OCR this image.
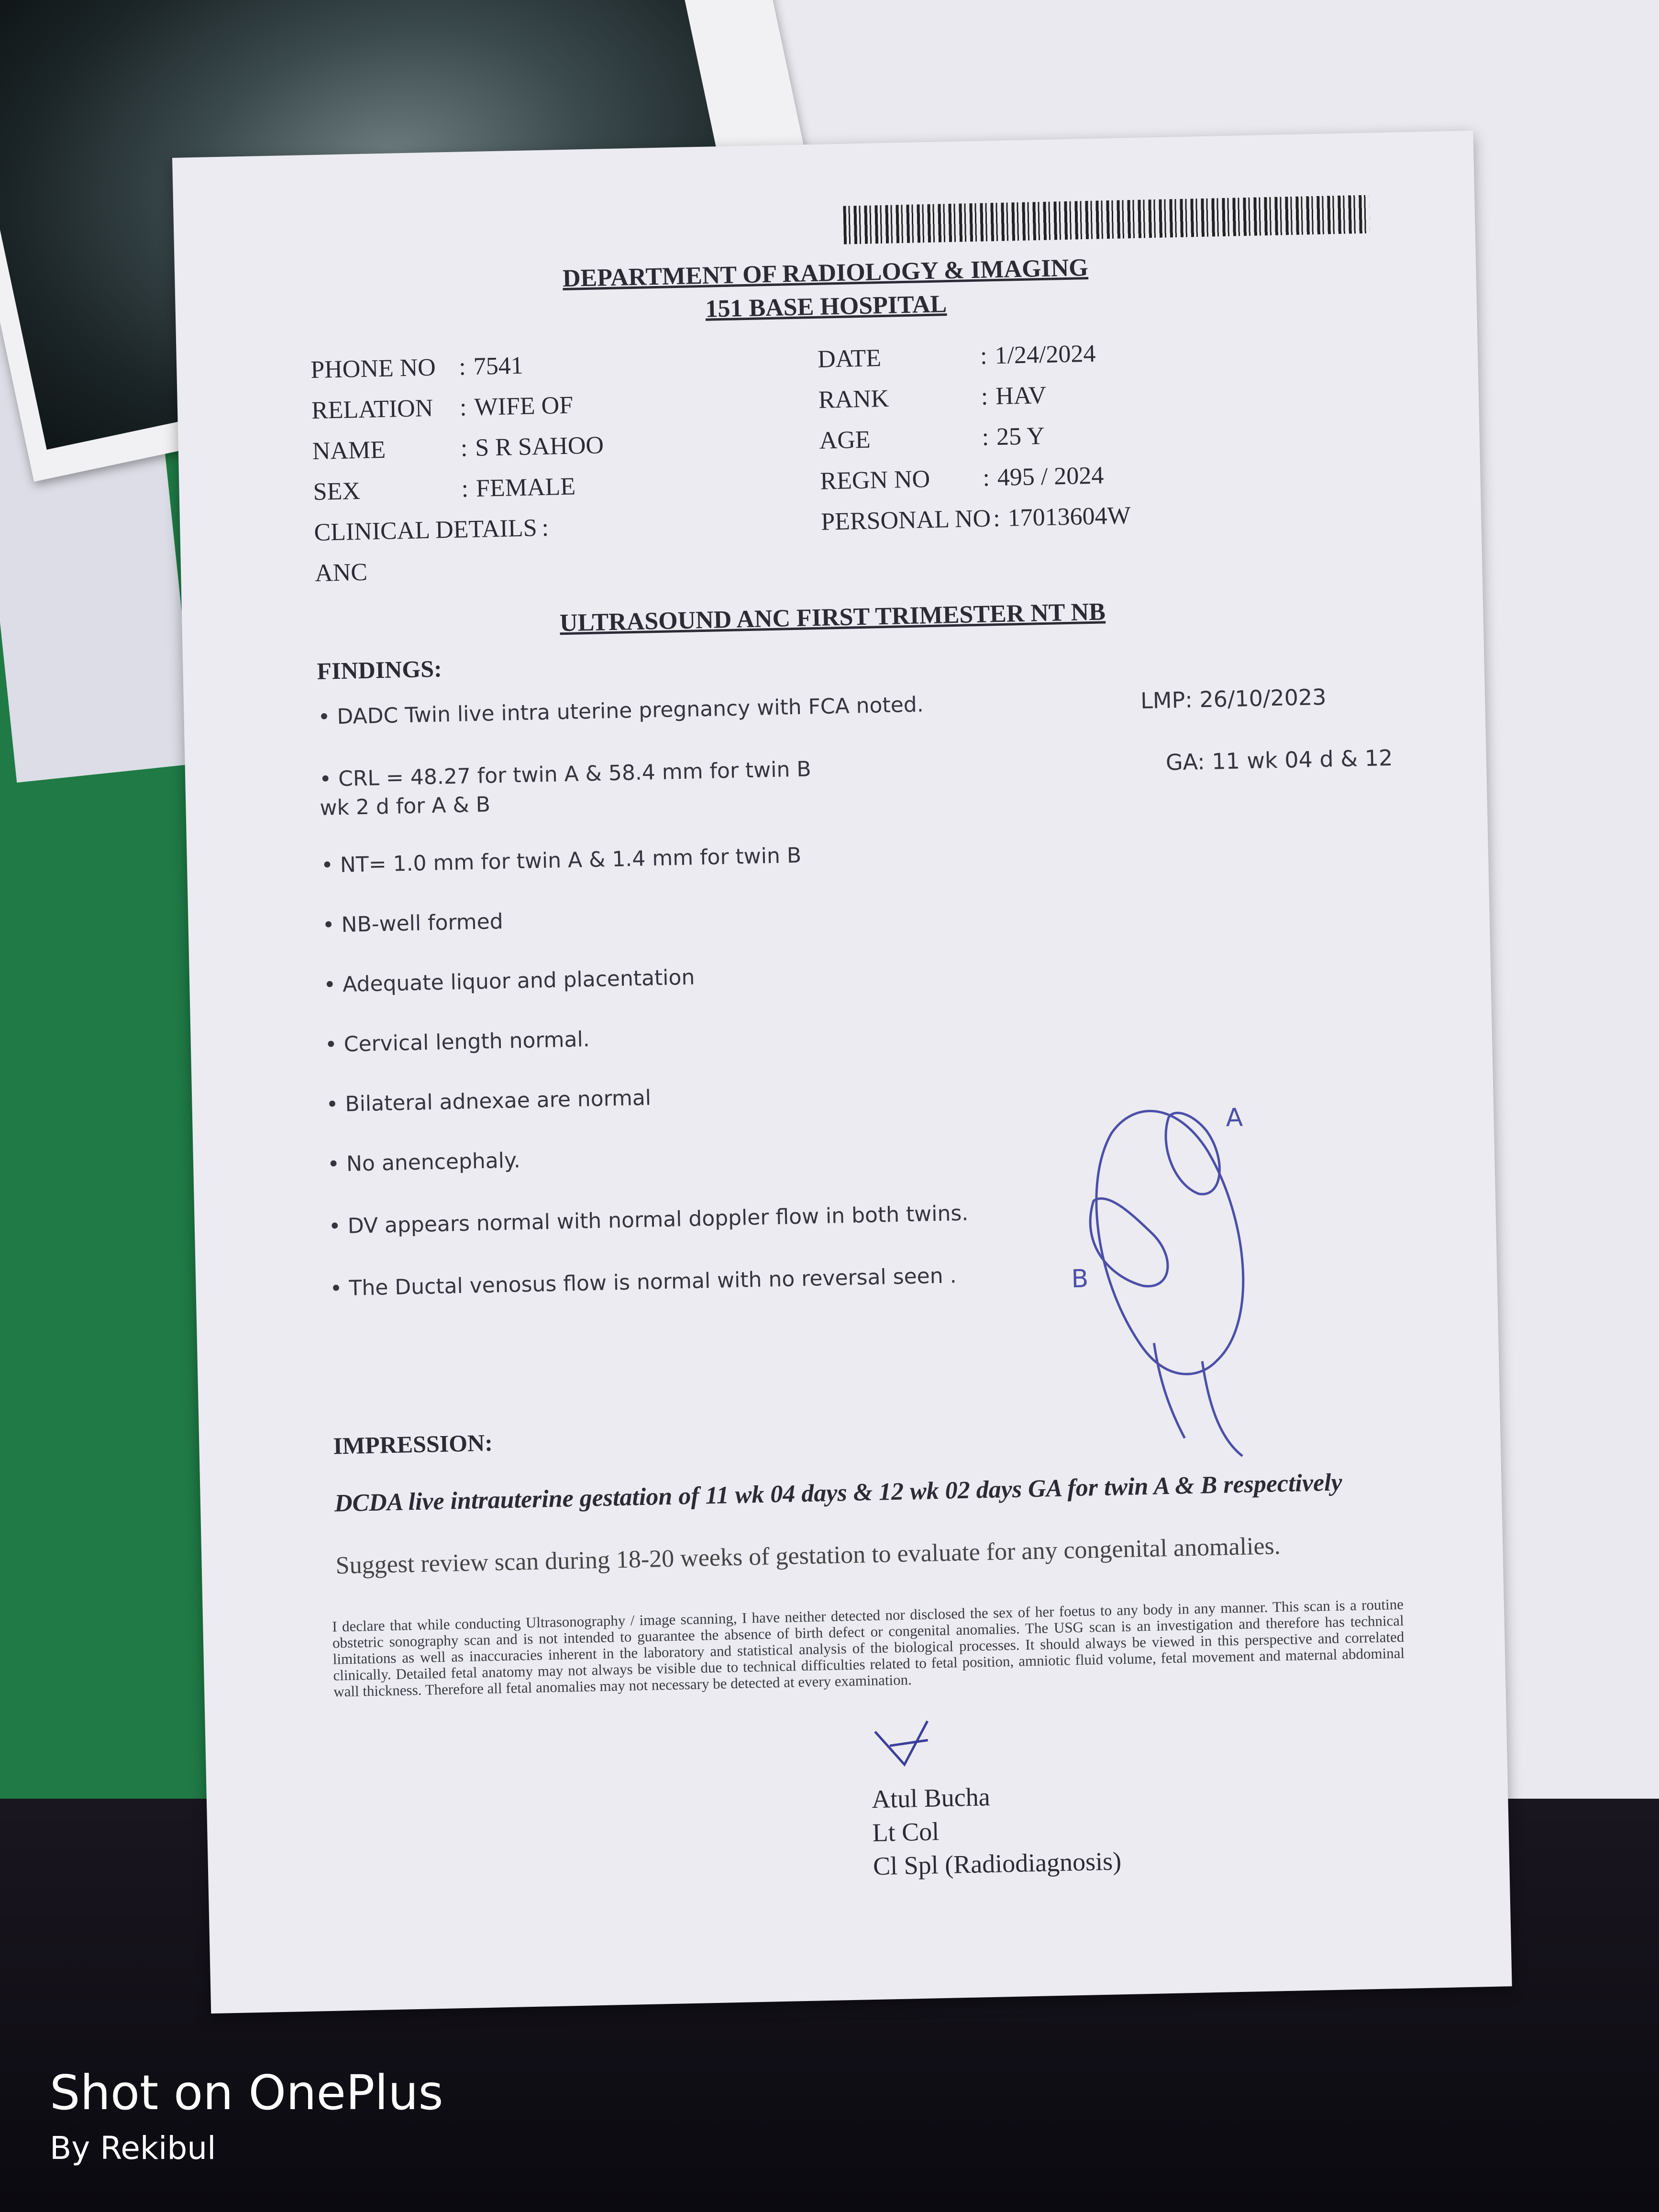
DEPARTMENT OF RADIOLOGY & IMAGING
151 BASE HOSPITAL
PHONE NO : 7541
RELATION : WIFE OF
NAME	: S R SAHOO
SEX	: FEMALE
CLINICAL DETAILS :
ANC
DATE	: 1/24/2024
RANK	: HAV
AGE	: 25 Y
REGN NO : 495 / 2024
PERSONAL NO: 17013604W
ULTRASOUND ANC FIRST TRIMESTER NT NB
FINDINGS:
• DADC Twin live intra uterine pregnancy with FCA noted.
• CRL = 48.27 for twin A & 58.4 mm for twin B
wk 2 d for A & B
• NT= 1.0 mm for twin A & 1.4 mm for twin B
• NB-well formed
• Adequate liquor and placentation
• Cervical length normal.
• Bilateral adnexae are normal
• No anencephaly.
• DV appears normal with normal doppler flow in both twins.
• The Ductal venosus flow is normal with no reversal seen .
LMP: 26/10/2023
GA: 11 wk 04 d & 12
A
B
IMPRESSION:
DCDA live intrauterine gestation of 11 wk 04 days & 12 wk 02 days GA for twin A & B respectively
Suggest review scan during 18-20 weeks of gestation to evaluate for any congenital anomalies.
I declare that while conducting Ultrasonography / image scanning, I have neither detected nor disclosed the sex of her foetus to any body in any manner. This scan is a routine obstetric sonography scan and is not intended to guarantee the absence of birth defect or congenital anomalies. The USG scan is an investigation and therefore has technical limitations as well as inaccuracies inherent in the laboratory and statistical analysis of the biological processes. It should always be viewed in this perspective and correlated clinically. Detailed fetal anatomy may not always be visible due to technical difficulties related to fetal position, amniotic fluid volume, fetal movement and maternal abdominal wall thickness. Therefore all fetal anomalies may not necessary be detected at every examination.
Atul Bucha
Lt Col
Cl Spl (Radiodiagnosis)
Shot on OnePlus
By Rekibul
